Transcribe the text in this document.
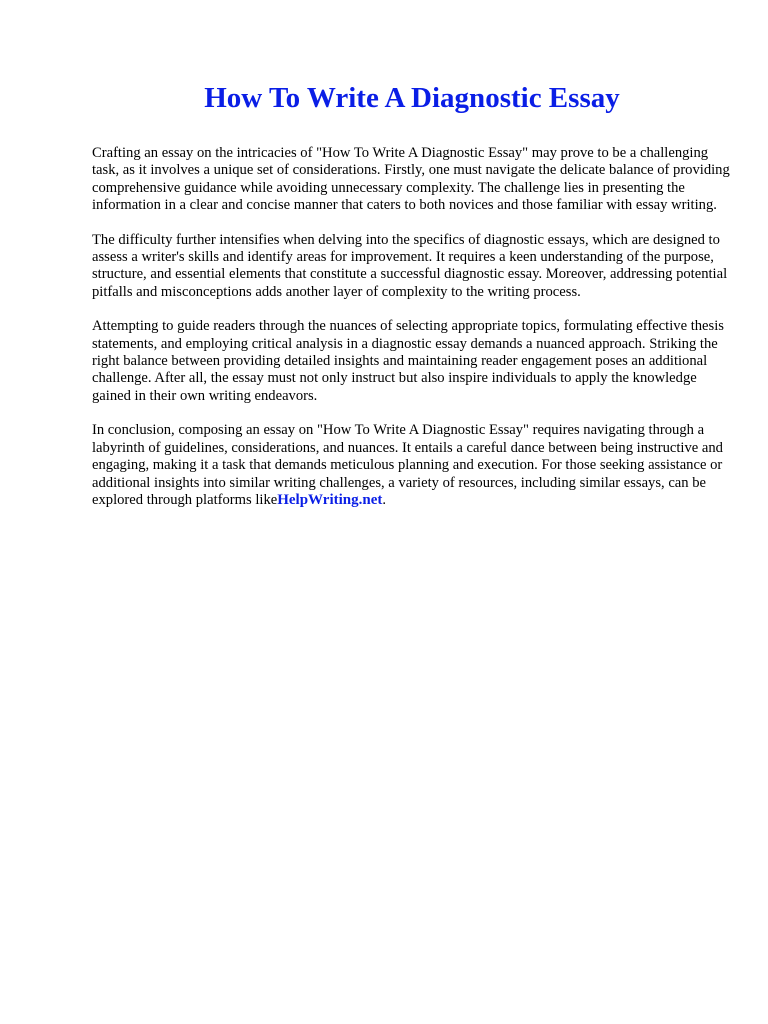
How To Write A Diagnostic Essay

Crafting an essay on the intricacies of "How To Write A Diagnostic Essay" may prove to be a challenging task, as it involves a unique set of considerations. Firstly, one must navigate the delicate balance of providing comprehensive guidance while avoiding unnecessary complexity. The challenge lies in presenting the information in a clear and concise manner that caters to both novices and those familiar with essay writing.

The difficulty further intensifies when delving into the specifics of diagnostic essays, which are designed to assess a writer's skills and identify areas for improvement. It requires a keen understanding of the purpose, structure, and essential elements that constitute a successful diagnostic essay. Moreover, addressing potential pitfalls and misconceptions adds another layer of complexity to the writing process.

Attempting to guide readers through the nuances of selecting appropriate topics, formulating effective thesis statements, and employing critical analysis in a diagnostic essay demands a nuanced approach. Striking the right balance between providing detailed insights and maintaining reader engagement poses an additional challenge. After all, the essay must not only instruct but also inspire individuals to apply the knowledge gained in their own writing endeavors.

In conclusion, composing an essay on "How To Write A Diagnostic Essay" requires navigating through a labyrinth of guidelines, considerations, and nuances. It entails a careful dance between being instructive and engaging, making it a task that demands meticulous planning and execution. For those seeking assistance or additional insights into similar writing challenges, a variety of resources, including similar essays, can be explored through platforms likeHelpWriting.net.
